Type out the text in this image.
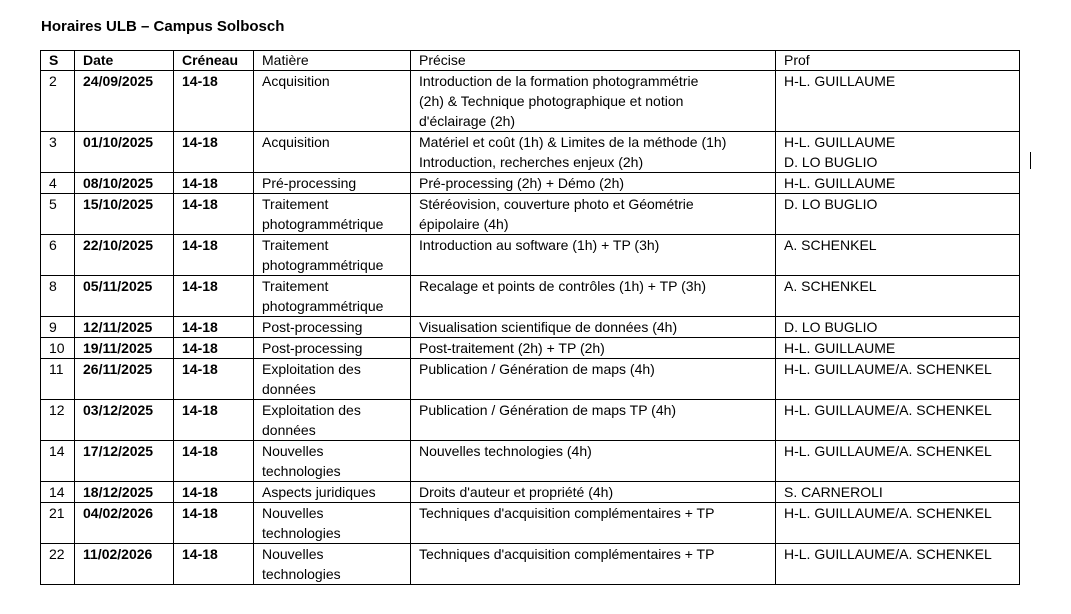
Horaires ULB – Campus Solbosch
S	Date	Créneau	Matière	Précise	Prof
2	24/09/2025	14-18	Acquisition	Introduction de la formation photogrammétrie
(2h) & Technique photographique et notion
d'éclairage (2h)	H-L. GUILLAUME

3	01/10/2025	14-18	Acquisition	Matériel et coût (1h) & Limites de la méthode (1h)
Introduction, recherches enjeux (2h)	H-L. GUILLAUME
D. LO BUGLIO

4	08/10/2025	14-18	Pré-processing	Pré-processing (2h) + Démo (2h)	H-L. GUILLAUME

5	15/10/2025	14-18	Traitement
photogrammétrique	Stéréovision, couverture photo et Géométrie
épipolaire (4h)	D. LO BUGLIO

6	22/10/2025	14-18	Traitement
photogrammétrique	Introduction au software (1h) + TP (3h)	A. SCHENKEL

8	05/11/2025	14-18	Traitement
photogrammétrique	Recalage et points de contrôles (1h) + TP (3h)	A. SCHENKEL

9	12/11/2025	14-18	Post-processing	Visualisation scientifique de données (4h)	D. LO BUGLIO

10	19/11/2025	14-18	Post-processing	Post-traitement (2h) + TP (2h)	H-L. GUILLAUME

11	26/11/2025	14-18	Exploitation des
données	Publication / Génération de maps (4h)	H-L. GUILLAUME/A. SCHENKEL

12	03/12/2025	14-18	Exploitation des
données	Publication / Génération de maps TP (4h)	H-L. GUILLAUME/A. SCHENKEL

14	17/12/2025	14-18	Nouvelles
technologies	Nouvelles technologies (4h)	H-L. GUILLAUME/A. SCHENKEL

14	18/12/2025	14-18	Aspects juridiques	Droits d'auteur et propriété (4h)	S. CARNEROLI

21	04/02/2026	14-18	Nouvelles
technologies	Techniques d'acquisition complémentaires + TP	H-L. GUILLAUME/A. SCHENKEL

22	11/02/2026	14-18	Nouvelles
technologies	Techniques d'acquisition complémentaires + TP	H-L. GUILLAUME/A. SCHENKEL
